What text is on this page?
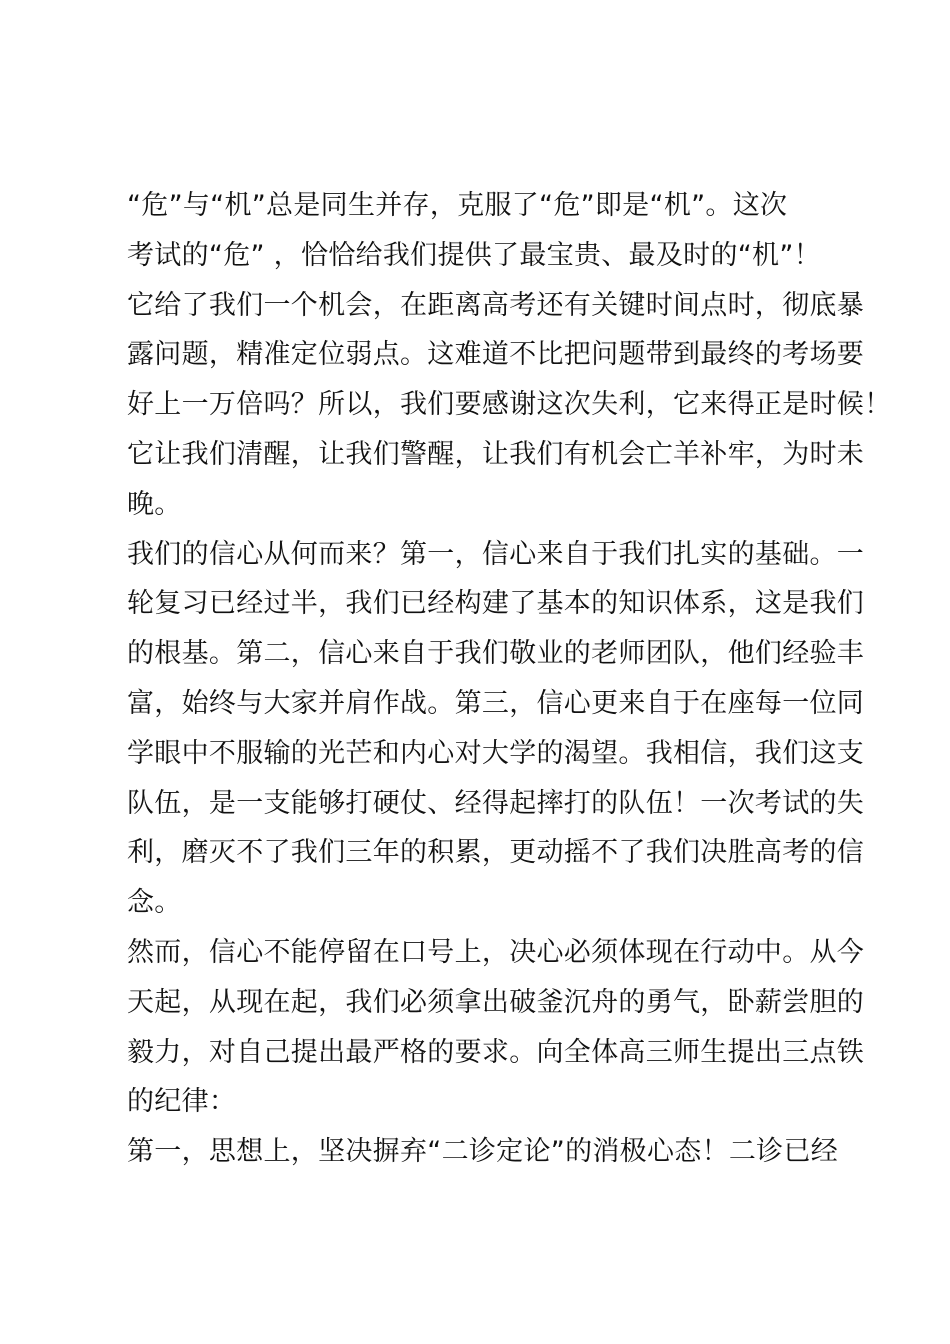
“危”与“机”总是同生并存，克服了“危”即是“机”。这次
考试的“危” ，恰恰给我们提供了最宝贵、最及时的“机”！
它给了我们一个机会，在距离高考还有关键时间点时，彻底暴
露问题，精准定位弱点。这难道不比把问题带到最终的考场要
好上一万倍吗？所以，我们要感谢这次失利，它来得正是时候！
它让我们清醒，让我们警醒，让我们有机会亡羊补牢，为时未
晚。
我们的信心从何而来？第一，信心来自于我们扎实的基础。一
轮复习已经过半，我们已经构建了基本的知识体系，这是我们
的根基。第二，信心来自于我们敬业的老师团队，他们经验丰
富，始终与大家并肩作战。第三，信心更来自于在座每一位同
学眼中不服输的光芒和内心对大学的渴望。我相信，我们这支
队伍，是一支能够打硬仗、经得起摔打的队伍！一次考试的失
利，磨灭不了我们三年的积累，更动摇不了我们决胜高考的信
念。
然而，信心不能停留在口号上，决心必须体现在行动中。从今
天起，从现在起，我们必须拿出破釜沉舟的勇气，卧薪尝胆的
毅力，对自己提出最严格的要求。向全体高三师生提出三点铁
的纪律：
第一，思想上，坚决摒弃“二诊定论”的消极心态！二诊已经
